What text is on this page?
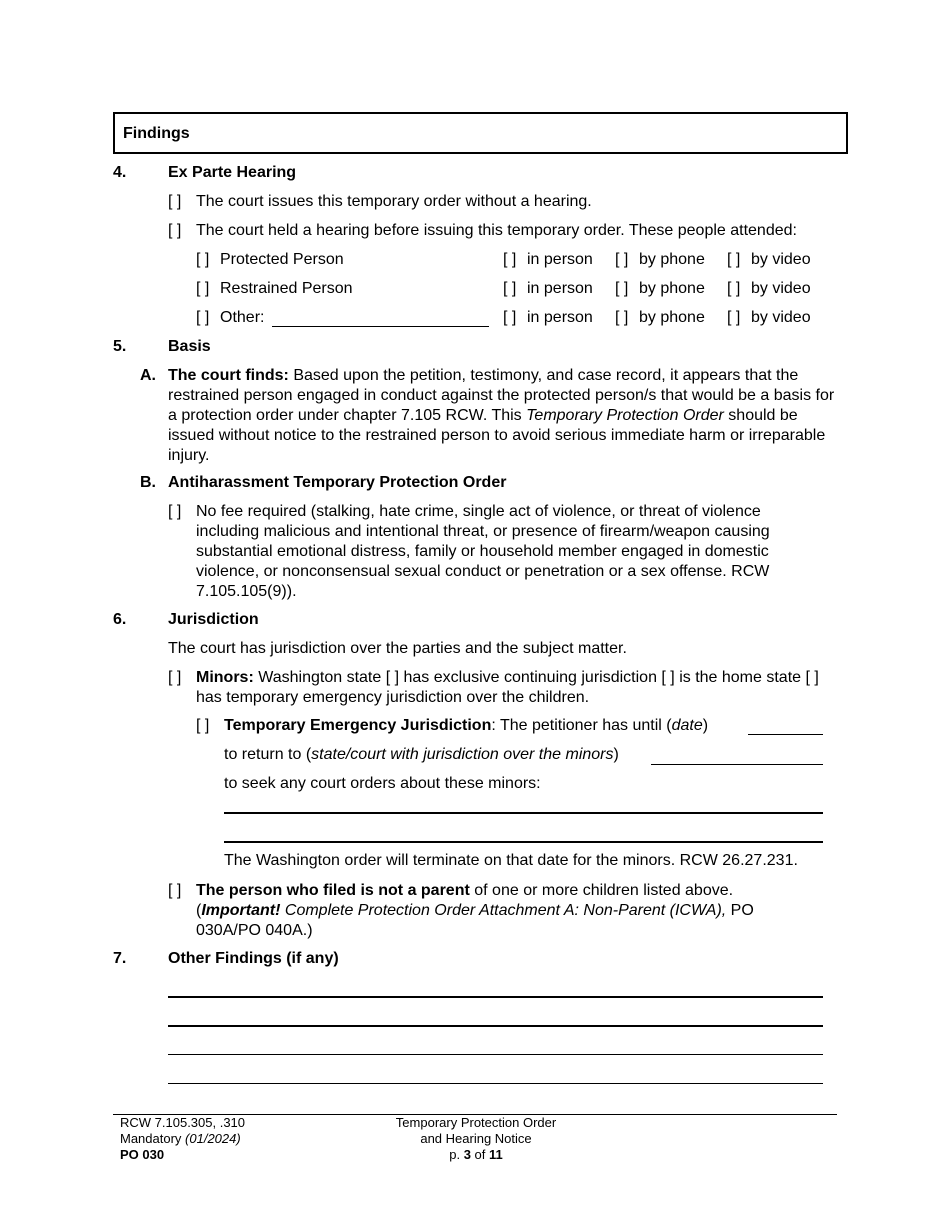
Findings
4.	Ex Parte Hearing
[ ] The court issues this temporary order without a hearing.
[ ] The court held a hearing before issuing this temporary order. These people attended:
[ ] Protected Person	[ ] in person [ ] by phone [ ] by video
[ ] Restrained Person	[ ] in person [ ] by phone [ ] by video
[ ] Other:	[ ] in person [ ] by phone [ ] by video
5.	Basis
A. The court finds: Based upon the petition, testimony, and case record, it appears that the restrained person engaged in conduct against the protected person/s that would be a basis for a protection order under chapter 7.105 RCW. This Temporary Protection Order should be issued without notice to the restrained person to avoid serious immediate harm or irreparable injury.
B. Antiharassment Temporary Protection Order
[ ] No fee required (stalking, hate crime, single act of violence, or threat of violence including malicious and intentional threat, or presence of firearm/weapon causing substantial emotional distress, family or household member engaged in domestic violence, or nonconsensual sexual conduct or penetration or a sex offense. RCW 7.105.105(9)).
6.	Jurisdiction
The court has jurisdiction over the parties and the subject matter.
[ ] Minors: Washington state [ ] has exclusive continuing jurisdiction [ ] is the home state [ ] has temporary emergency jurisdiction over the children.
[ ] Temporary Emergency Jurisdiction: The petitioner has until (date)
to return to (state/court with jurisdiction over the minors)
to seek any court orders about these minors:
The Washington order will terminate on that date for the minors. RCW 26.27.231.
[ ] The person who filed is not a parent of one or more children listed above. (Important! Complete Protection Order Attachment A: Non-Parent (ICWA), PO 030A/PO 040A.)
7.	Other Findings (if any)
RCW 7.105.305, .310
Mandatory (01/2024)
PO 030
Temporary Protection Order
and Hearing Notice
p. 3 of 11
